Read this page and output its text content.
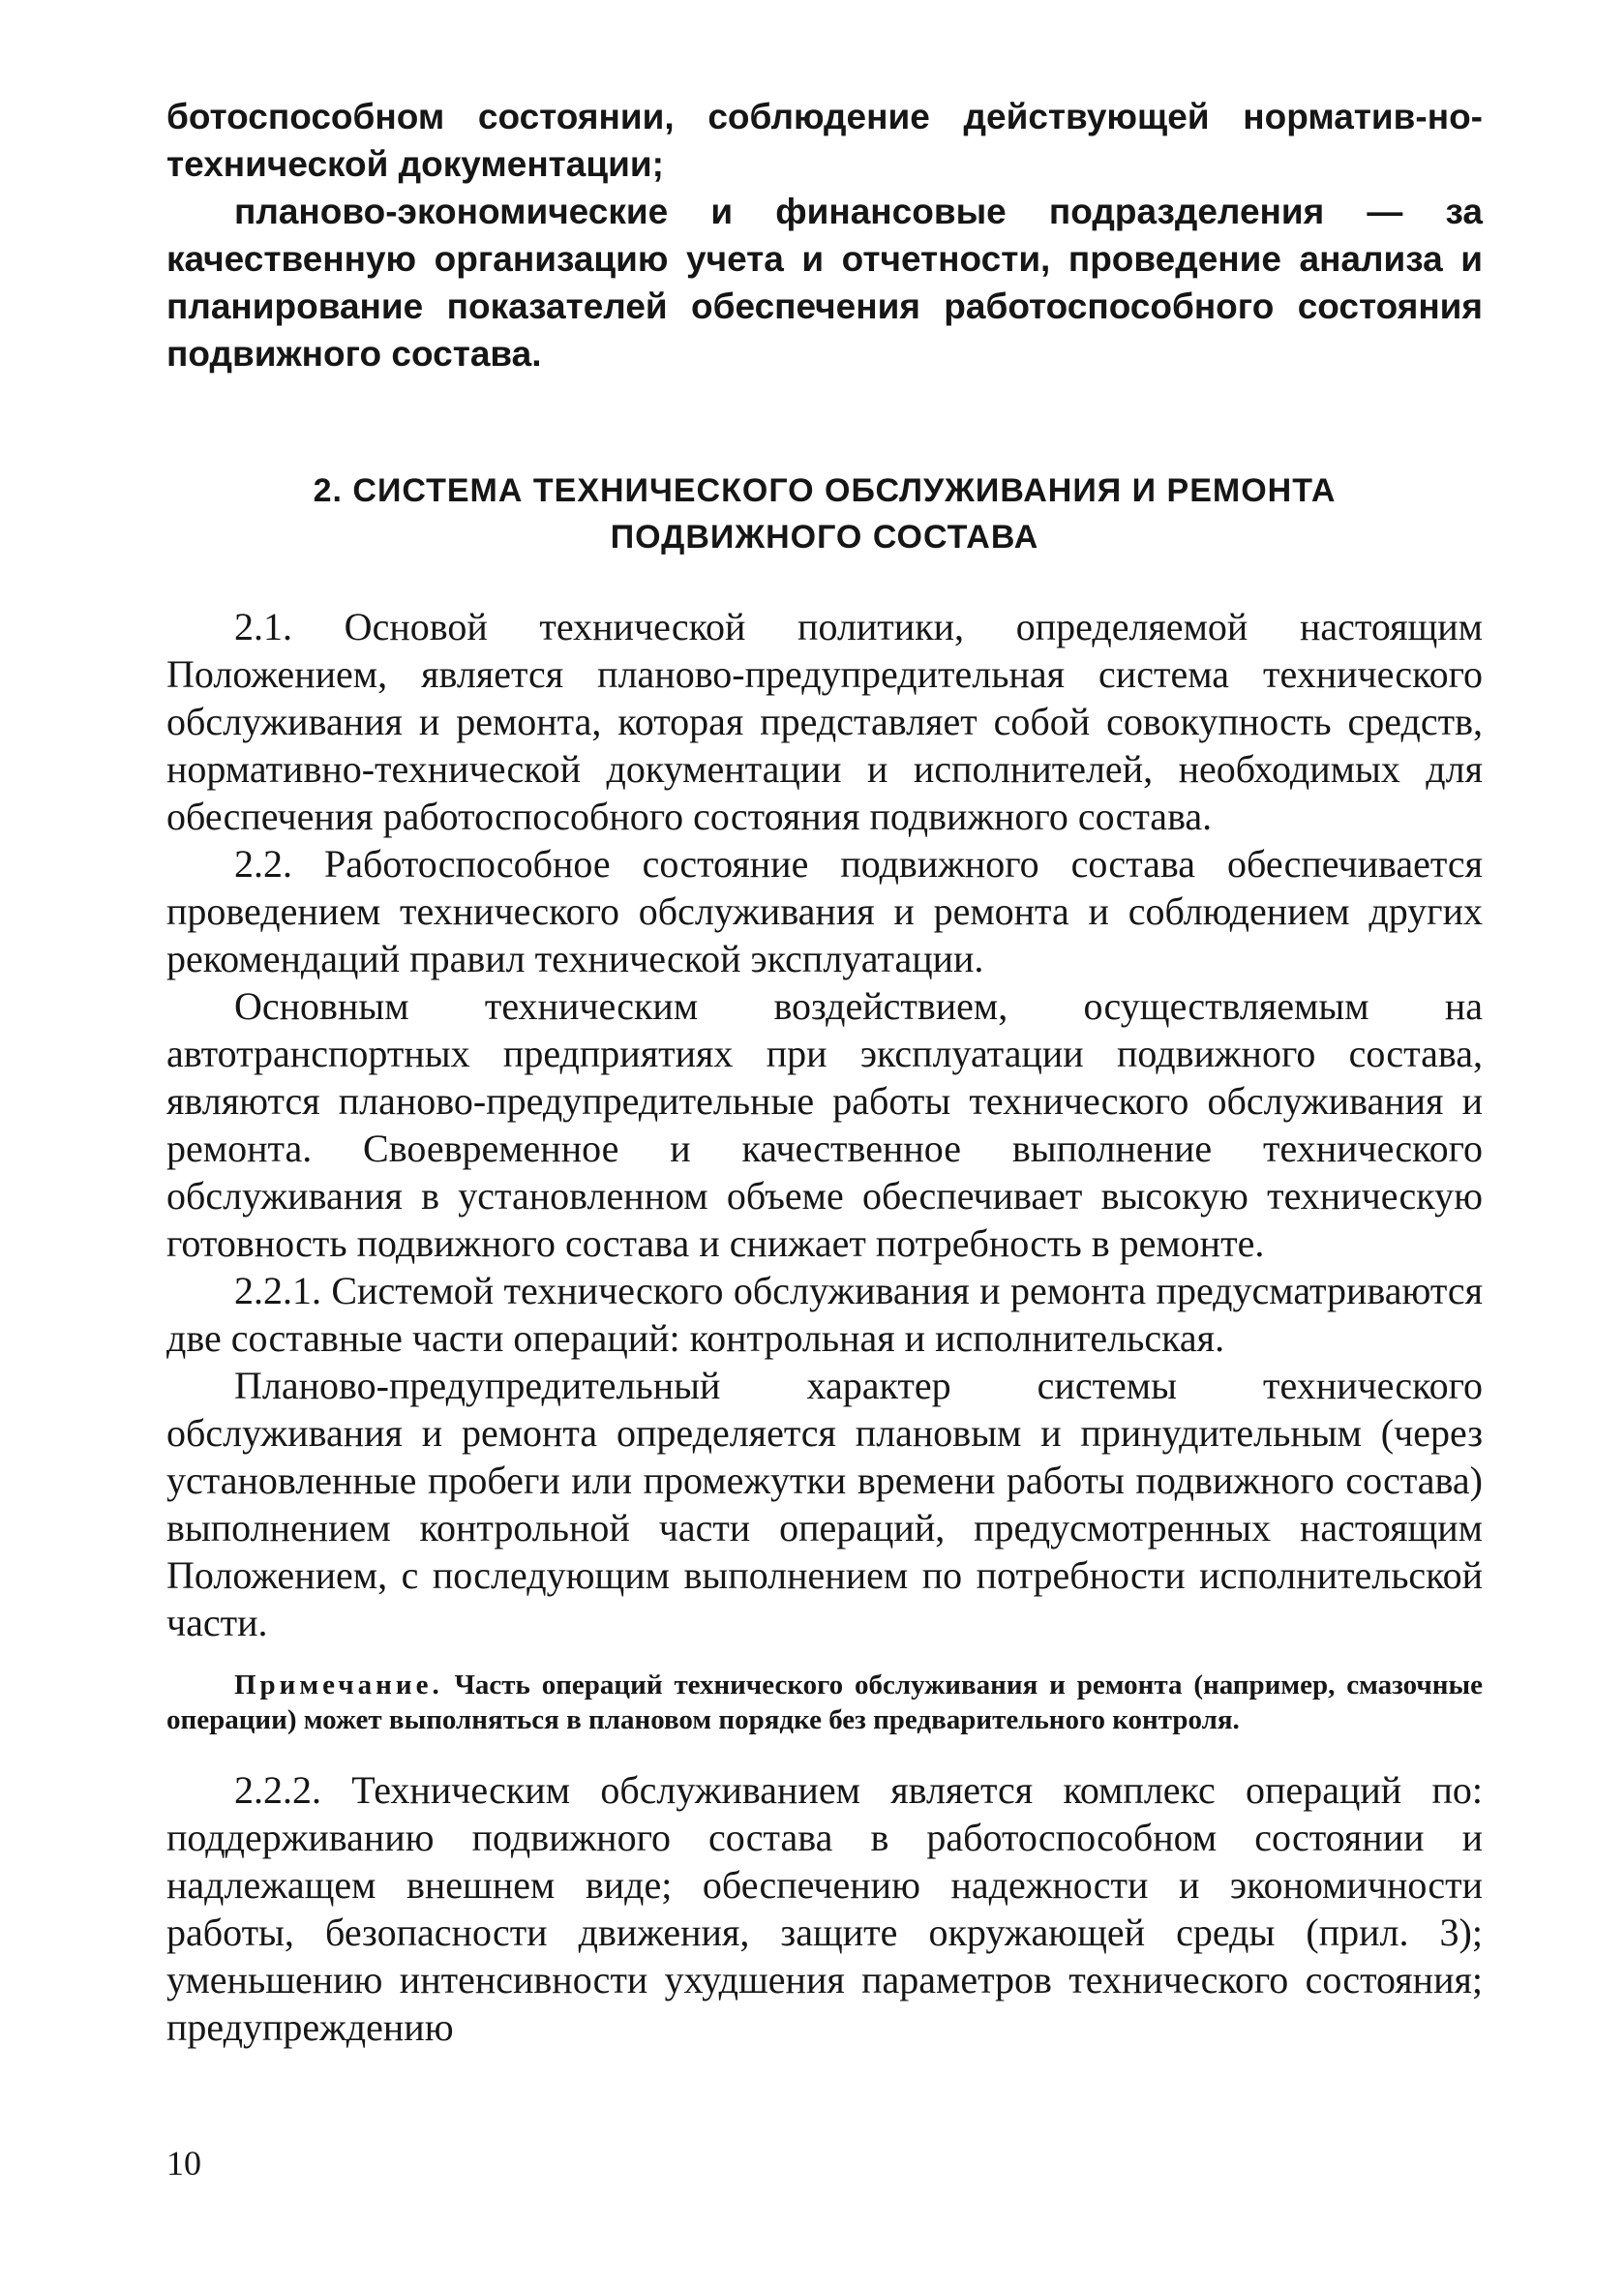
ботоспособном состоянии, соблюдение действующей норматив-но-технической документации;

планово-экономические и финансовые подразделения — за качественную организацию учета и отчетности, проведение анализа и планирование показателей обеспечения работоспособного состояния подвижного состава.

2. СИСТЕМА ТЕХНИЧЕСКОГО ОБСЛУЖИВАНИЯ И РЕМОНТА

ПОДВИЖНОГО СОСТАВА

2.1. Основой технической политики, определяемой настоящим Положением, является планово-предупредительная система технического обслуживания и ремонта, которая представляет собой совокупность средств, нормативно-технической документации и исполнителей, необходимых для обеспечения работоспособного состояния подвижного состава.

2.2. Работоспособное состояние подвижного состава обеспечивается проведением технического обслуживания и ремонта и соблюдением других рекомендаций правил технической эксплуатации.

Основным техническим воздействием, осуществляемым на автотранспортных предприятиях при эксплуатации подвижного состава, являются планово-предупредительные работы технического обслуживания и ремонта. Своевременное и качественное выполнение технического обслуживания в установленном объеме обеспечивает высокую техническую готовность подвижного состава и снижает потребность в ремонте.

2.2.1. Системой технического обслуживания и ремонта предусматриваются две составные части операций: контрольная и исполнительская.

Планово-предупредительный характер системы технического обслуживания и ремонта определяется плановым и принудительным (через установленные пробеги или промежутки времени работы подвижного состава) выполнением контрольной части операций, предусмотренных настоящим Положением, с последующим выполнением по потребности исполнительской части.

Примечание. Часть операций технического обслуживания и ремонта (например, смазочные операции) может выполняться в плановом порядке без предварительного контроля.

2.2.2. Техническим обслуживанием является комплекс операций по: поддерживанию подвижного состава в работоспособном состоянии и надлежащем внешнем виде; обеспечению надежности и экономичности работы, безопасности движения, защите окружающей среды (прил. 3); уменьшению интенсивности ухудшения параметров технического состояния; предупреждению

10
